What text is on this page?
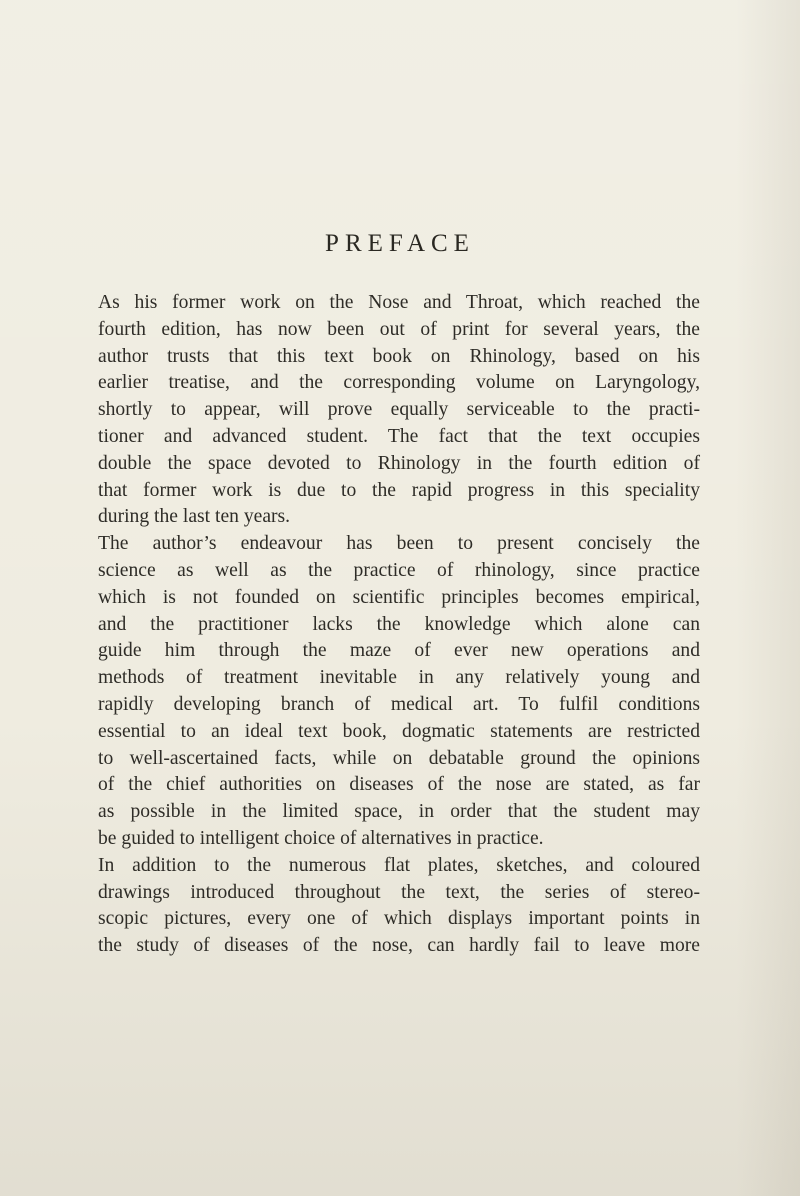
PREFACE
As his former work on the Nose and Throat, which reached the
fourth edition, has now been out of print for several years, the
author trusts that this text book on Rhinology, based on his
earlier treatise, and the corresponding volume on Laryngology,
shortly to appear, will prove equally serviceable to the practi-
tioner and advanced student. The fact that the text occupies
double the space devoted to Rhinology in the fourth edition of
that former work is due to the rapid progress in this speciality
during the last ten years.
The author’s endeavour has been to present concisely the
science as well as the practice of rhinology, since practice
which is not founded on scientific principles becomes empirical,
and the practitioner lacks the knowledge which alone can
guide him through the maze of ever new operations and
methods of treatment inevitable in any relatively young and
rapidly developing branch of medical art. To fulfil conditions
essential to an ideal text book, dogmatic statements are restricted
to well-ascertained facts, while on debatable ground the opinions
of the chief authorities on diseases of the nose are stated, as far
as possible in the limited space, in order that the student may
be guided to intelligent choice of alternatives in practice.
In addition to the numerous flat plates, sketches, and coloured
drawings introduced throughout the text, the series of stereo-
scopic pictures, every one of which displays important points in
the study of diseases of the nose, can hardly fail to leave more
